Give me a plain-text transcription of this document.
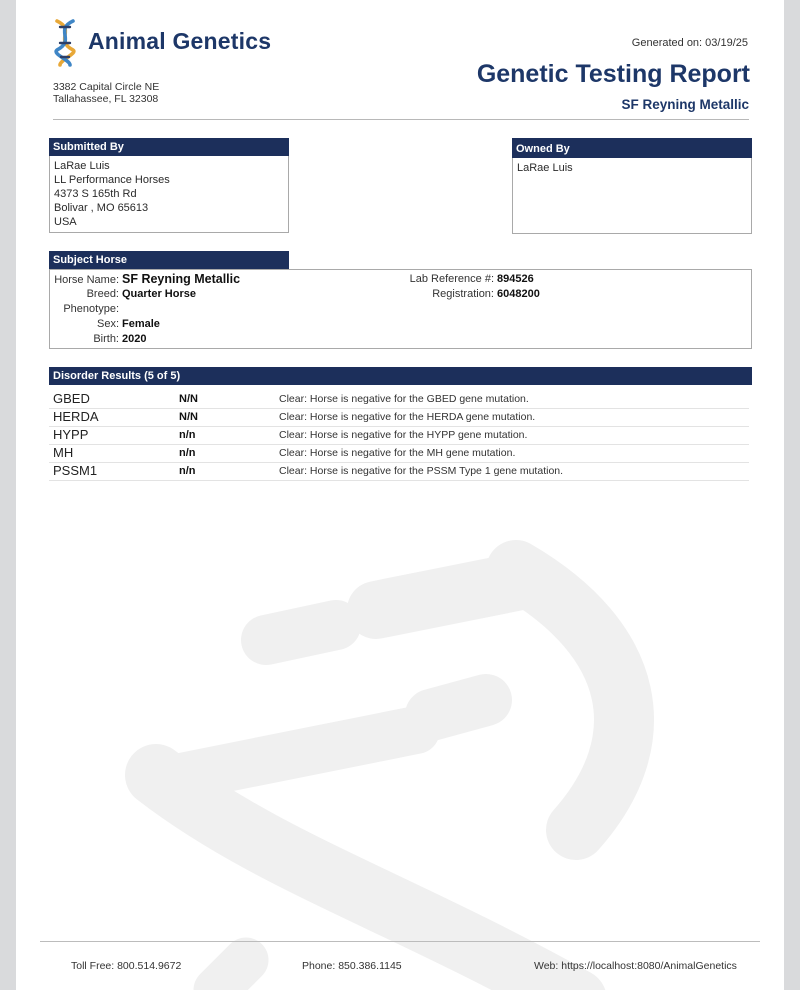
Animal Genetics
3382 Capital Circle NE
Tallahassee, FL 32308
Generated on: 03/19/25
Genetic Testing Report
SF Reyning Metallic
Submitted By
LaRae Luis
LL Performance Horses
4373 S 165th Rd
Bolivar , MO 65613
USA
Owned By
LaRae Luis
Subject Horse
Horse Name: SF Reyning Metallic
Breed: Quarter Horse
Phenotype:
Sex: Female
Birth: 2020
Lab Reference #: 894526
Registration: 6048200
Disorder Results (5 of 5)
GBED	N/N	Clear: Horse is negative for the GBED gene mutation.
HERDA	N/N	Clear: Horse is negative for the HERDA gene mutation.
HYPP	n/n	Clear: Horse is negative for the HYPP gene mutation.
MH	n/n	Clear: Horse is negative for the MH gene mutation.
PSSM1	n/n	Clear: Horse is negative for the PSSM Type 1 gene mutation.
Toll Free: 800.514.9672	Phone: 850.386.1145	Web: https://localhost:8080/AnimalGenetics
